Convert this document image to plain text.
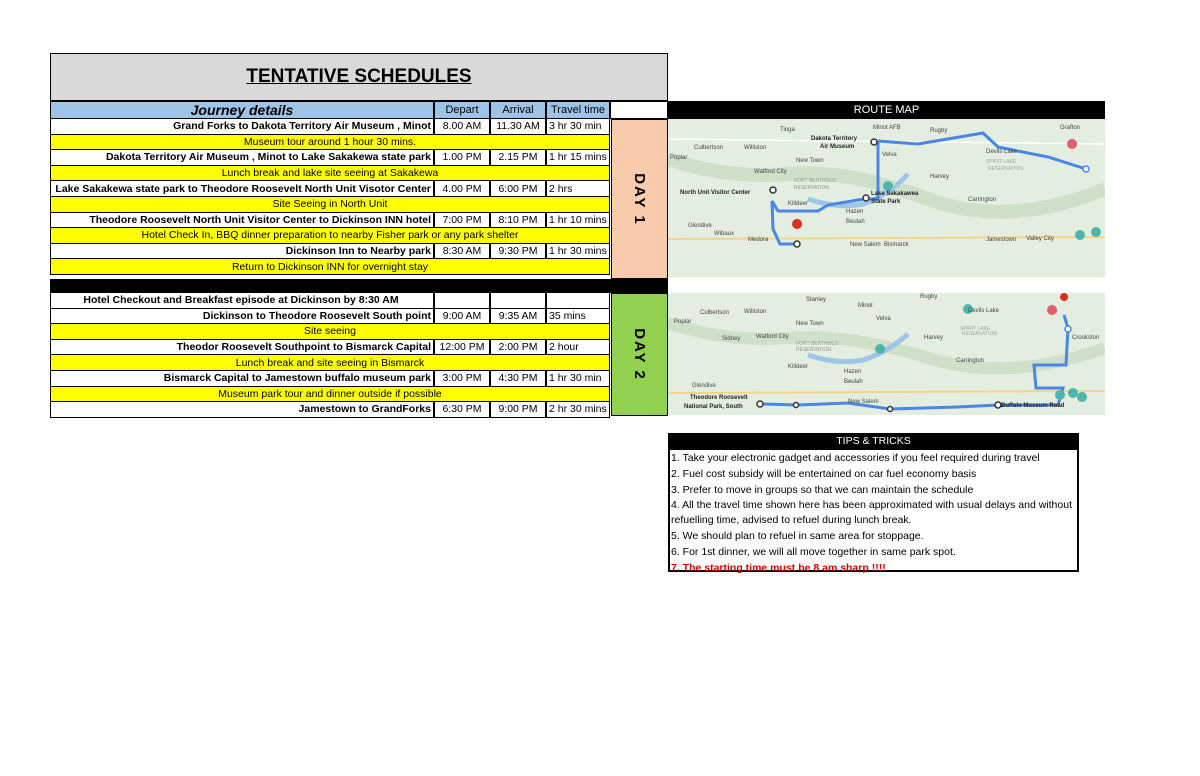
TENTATIVE SCHEDULES
Journey details	Depart	Arrival	Travel time
Grand Forks to Dakota Territory Air Museum , Minot	8.00 AM	11.30 AM 3 hr 30 min
Museum tour around 1 hour 30 mins.
Dakota Territory Air Museum , Minot to Lake Sakakewa state park	1.00 PM	2.15 PM	1 hr 15 mins
Lunch break and lake site seeing at Sakakewa
Lake Sakakewa state park to Theodore Roosevelt North Unit Visotor Center	4.00 PM	6:00 PM	2 hrs
Site Seeing in North Unit
Theodore Roosevelt North Unit Visitor Center to Dickinson INN hotel	7:00 PM	8:10 PM	1 hr 10 mins
Hotel Check In, BBQ dinner preparation to nearby Fisher park or any park shelter
Dickinson Inn to Nearby park	8:30 AM	9:30 PM	1 hr 30 mins
Return to Dickinson INN for overnight stay
DAY 1
Hotel Checkout and Breakfast episode at Dickinson by 8:30 AM
Dickinson to Theodore Roosevelt South point	9:00 AM	9:35 AM	35 mins
Site seeing
Theodor Roosevelt Southpoint to Bismarck Capital 12:00 PM	2:00 PM	2 hour
Lunch break and site seeing in Bismarck
Bismarck Capital to Jamestown buffalo museum park	3:00 PM	4:30 PM	1 hr 30 min
Museum park tour and dinner outside if possible
Jamestown to GrandForks	6:30 PM	9:00 PM	2 hr 30 mins
DAY 2
ROUTE MAP
Minot AFB
Tioga	Rugby	Grafton
Dakota Territory
Air Museum
Culbertson	Williston
Devils Lake
Poplar	New Town
Velva
SPIRIT LAKE
RESERVATION
Watford City
FORT BERTHOLD
RESERVATION
Harvey
North Unit Visitor Center	Lake Sakakawea
State Park
Killdeer
Carrington
Hazen
Beulah
Glendive
Wibaux
Medora
New Salem Bismarck
Jamestown Valley City
Stanley	Rugby
Minot
Devils Lake
Culbertson Williston
Velva
Poplar	New Town
SPIRIT LAKE
RESERVATION
Crookston
Sidney	Watford City
FORT BERTHOLD
RESERVATION
Harvey
Carrington
Killdeer
Hazen
Beulah
Glendive
Theodore Roosevelt
National Park, South
New Salem
Buffalo Museum Road
TIPS & TRICKS
1. Take your electronic gadget and accessories if you feel required during travel
2. Fuel cost subsidy will be entertained on car fuel economy basis
3. Prefer to move in groups so that we can maintain the schedule
4. All the travel time shown here has been approximated with usual delays and without refuelling time, advised to refuel during lunch break.
5. We should plan to refuel in same area for stoppage.
6. For 1st dinner, we will all move together in same park spot.
7. The starting time must be 8 am sharp !!!!
